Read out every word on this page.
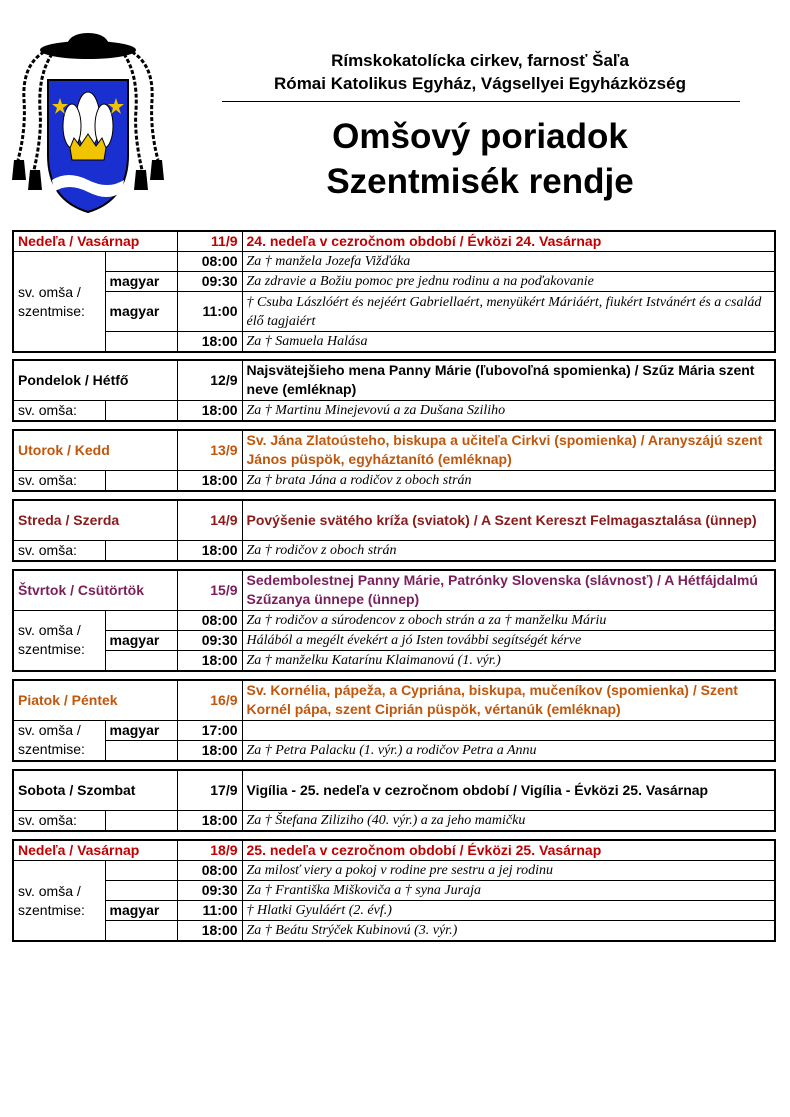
Rímskokatolícka cirkev, farnosť Šaľa
Római Katolikus Egyház, Vágsellyei Egyházközség
Omšový poriadok
Szentmisék rendje
Nedeľa / Vasárnap		11/9	24. nedeľa v cezročnom období / Évközi 24. Vasárnap
sv. omša / szentmise:		08:00	Za † manžela Jozefa Vižďáka
	magyar	09:30	Za zdravie a Božiu pomoc pre jednu rodinu a na poďakovanie
	magyar	11:00	† Csuba Lászlóért és nejéért Gabriellaért, menyükért Máriáért, fiukért Istvánért és a család élő tagjaiért
		18:00	Za † Samuela Halása
Pondelok / Hétfő		12/9	Najsvätejšieho mena Panny Márie (ľubovoľná spomienka) / Szűz Mária szent neve (emléknap)
sv. omša:		18:00	Za † Martinu Minejevovú a za Dušana Sziliho
Utorok / Kedd		13/9	Sv. Jána Zlatoústeho, biskupa a učiteľa Cirkvi (spomienka) / Aranyszájú szent János püspök, egyháztanító (emléknap)
sv. omša:		18:00	Za † brata Jána a rodičov z oboch strán
Streda / Szerda		14/9	Povýšenie svätého kríža (sviatok) / A Szent Kereszt Felmagasztalása (ünnep)
sv. omša:		18:00	Za † rodičov z oboch strán
Štvrtok / Csütörtök		15/9	Sedembolestnej Panny Márie, Patrónky Slovenska (slávnosť) / A Hétfájdalmú Szűzanya ünnepe (ünnep)
sv. omša / szentmise:		08:00	Za † rodičov a súrodencov z oboch strán a za † manželku Máriu
	magyar	09:30	Hálából a megélt évekért a jó Isten további segítségét kérve
		18:00	Za † manželku Katarínu Klaimanovú (1. výr.)
Piatok / Péntek		16/9	Sv. Kornélia, pápeža, a Cypriána, biskupa, mučeníkov (spomienka) / Szent Kornél pápa, szent Ciprián püspök, vértanúk (emléknap)
sv. omša / szentmise:	magyar	17:00	
		18:00	Za † Petra Palacku (1. výr.) a rodičov Petra a Annu
Sobota / Szombat		17/9	Vigília - 25. nedeľa v cezročnom období / Vigília - Évközi 25. Vasárnap
sv. omša:		18:00	Za † Štefana Ziliziho (40. výr.) a za jeho mamičku
Nedeľa / Vasárnap		18/9	25. nedeľa v cezročnom období / Évközi 25. Vasárnap
sv. omša / szentmise:		08:00	Za milosť viery a pokoj v rodine pre sestru a jej rodinu
		09:30	Za † Františka Miškoviča a † syna Juraja
	magyar	11:00	† Hlatki Gyuláért (2. évf.)
		18:00	Za † Beátu Strýček Kubinovú (3. výr.)
